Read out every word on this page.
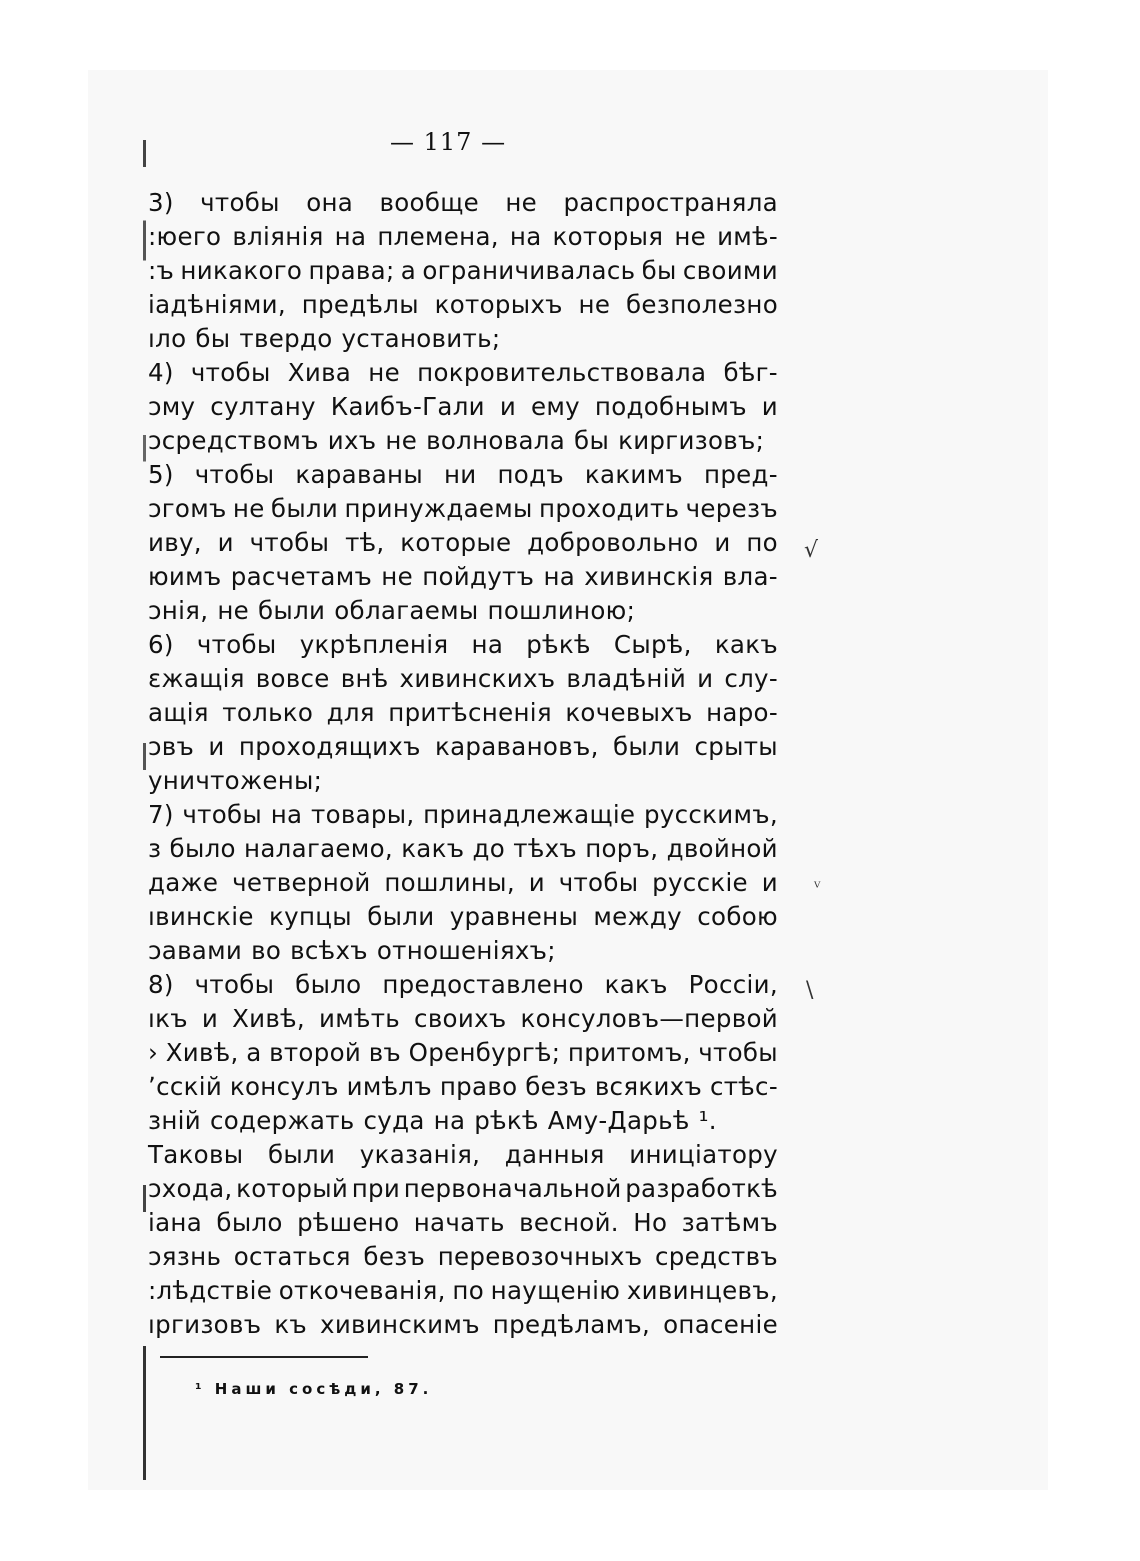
— 117 —
3) чтобы она вообще не распространяла
:юего вліянія на племена, на которыя не имѣ-
:ъ никакого права; а ограничивалась бы своими
іадѣніями, предѣлы которыхъ не безполезно
ıло бы твердо установить;
4) чтобы Хива не покровительствовала бѣг-
ɔму султану Каибъ-Гали и ему подобнымъ и
ɔсредствомъ ихъ не волновала бы киргизовъ;
5) чтобы караваны ни подъ какимъ пред-
ɔгомъ не были принуждаемы проходить черезъ
иву, и чтобы тѣ, которые добровольно и по
юимъ расчетамъ не пойдутъ на хивинскія вла-
ɔнія, не были облагаемы пошлиною;
6) чтобы укрѣпленія на рѣкѣ Сырѣ, какъ
ɛжащія вовсе внѣ хивинскихъ владѣній и слу-
ащія только для притѣсненія кочевыхъ наро-
ɔвъ и проходящихъ каравановъ, были срыты
уничтожены;
7) чтобы на товары, принадлежащіе русскимъ,
ɜ было налагаемо, какъ до тѣхъ поръ, двойной
даже четверной пошлины, и чтобы русскіе и
ıвинскіе купцы были уравнены между собою
ɔавами во всѣхъ отношеніяхъ;
8) чтобы было предоставлено какъ Россіи,
ıкъ и Хивѣ, имѣть своихъ консуловъ—первой
› Хивѣ, а второй въ Оренбургѣ; притомъ, чтобы
ʼсскій консулъ имѣлъ право безъ всякихъ стѣс-
ɜній содержать суда на рѣкѣ Аму-Дарьѣ ¹.
Таковы были указанія, данныя иниціатору
ɔхода, который при первоначальной разработкѣ
іана было рѣшено начать весной. Но затѣмъ
ɔязнь остаться безъ перевозочныхъ средствъ
:лѣдствіе откочеванія, по наущенію хивинцевъ,
ıргизовъ къ хивинскимъ предѣламъ, опасеніе
¹ Наши сосѣди, 87.
√
ⱽ
\
